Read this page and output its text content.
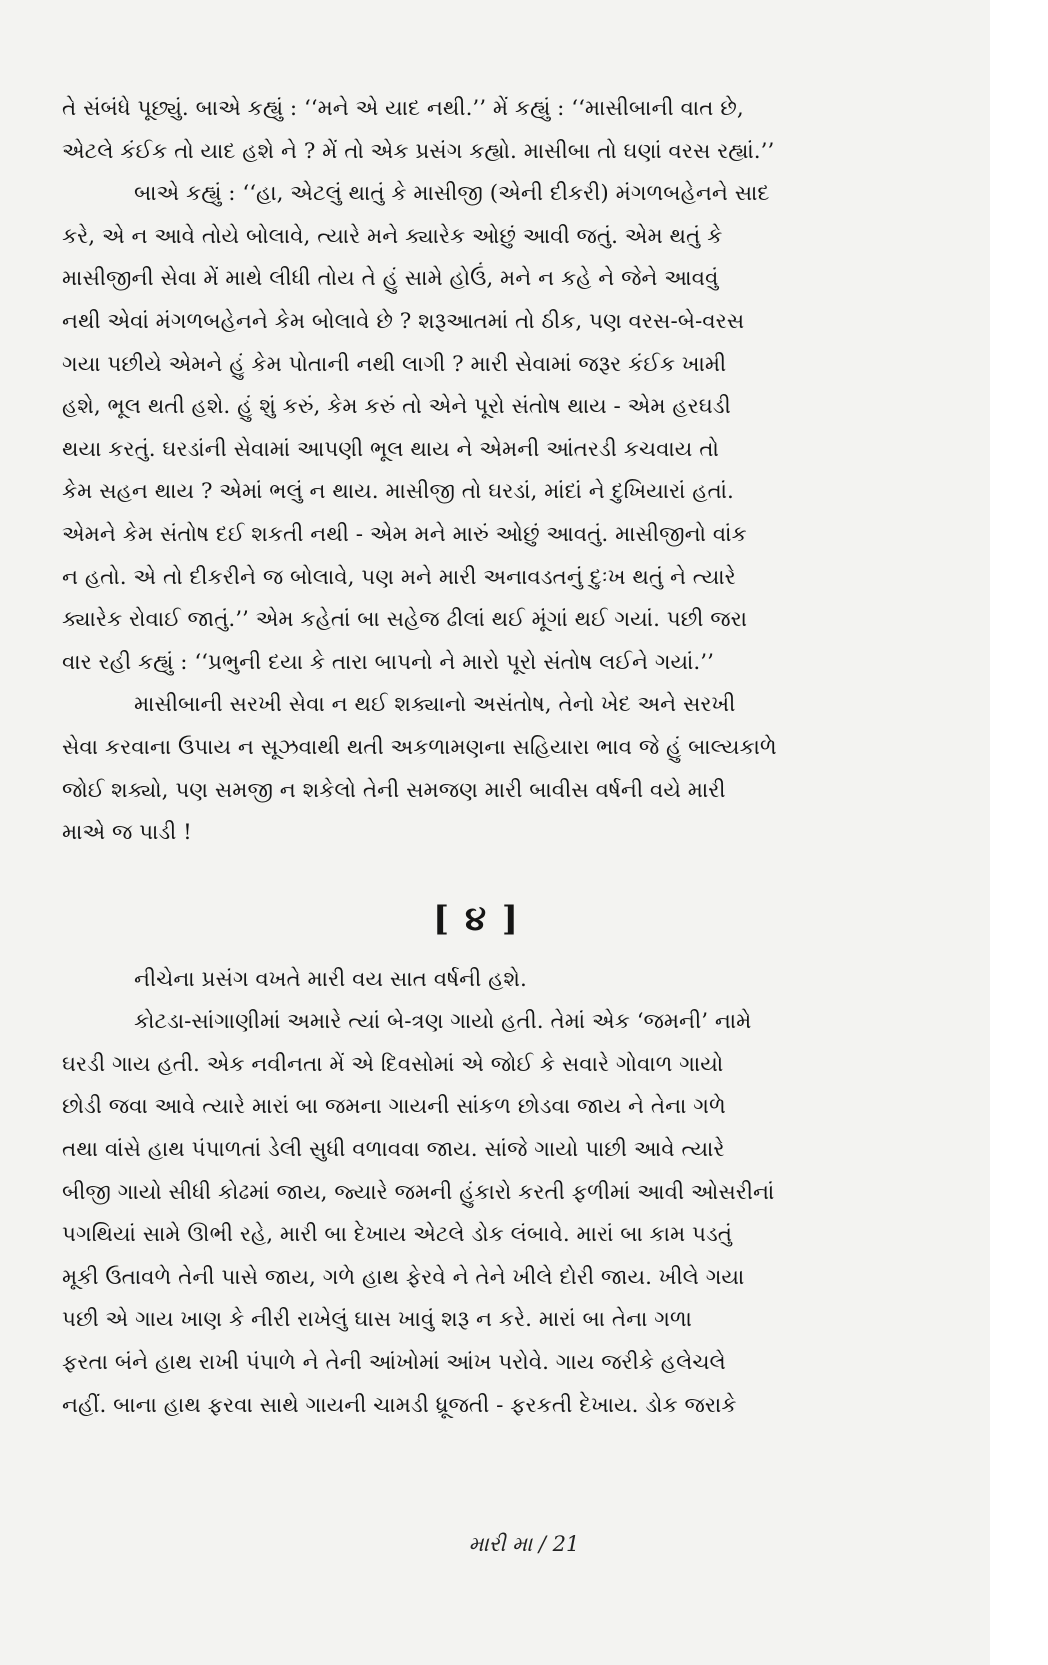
તે સંબંધે પૂછ્યું. બાએ કહ્યું : ‘‘મને એ યાદ નથી.’’ મેં કહ્યું : ‘‘માસીબાની વાત છે,
એટલે કંઈક તો યાદ હશે ને ? મેં તો એક પ્રસંગ કહ્યો. માસીબા તો ઘણાં વરસ રહ્યાં.’’
બાએ કહ્યું : ‘‘હા, એટલું થાતું કે માસીજી (એની દીકરી) મંગળબહેનને સાદ
કરે, એ ન આવે તોયે બોલાવે, ત્યારે મને ક્યારેક ઓછું આવી જતું. એમ થતું કે
માસીજીની સેવા મેં માથે લીધી તોય તે હું સામે હોઉં, મને ન કહે ને જેને આવવું
નથી એવાં મંગળબહેનને કેમ બોલાવે છે ? શરૂઆતમાં તો ઠીક, પણ વરસ-બે-વરસ
ગયા પછીયે એમને હું કેમ પોતાની નથી લાગી ? મારી સેવામાં જરૂર કંઈક ખામી
હશે, ભૂલ થતી હશે. હું શું કરું, કેમ કરું તો એને પૂરો સંતોષ થાય - એમ હરઘડી
થયા કરતું. ઘરડાંની સેવામાં આપણી ભૂલ થાય ને એમની આંતરડી કચવાય તો
કેમ સહન થાય ? એમાં ભલું ન થાય. માસીજી તો ઘરડાં, માંદાં ને દુખિયારાં હતાં.
એમને કેમ સંતોષ દઈ શકતી નથી - એમ મને મારું ઓછું આવતું. માસીજીનો વાંક
ન હતો. એ તો દીકરીને જ બોલાવે, પણ મને મારી અનાવડતનું દુઃખ થતું ને ત્યારે
ક્યારેક રોવાઈ જાતું.’’ એમ કહેતાં બા સહેજ ઢીલાં થઈ મૂંગાં થઈ ગયાં. પછી જરા
વાર રહી કહ્યું : ‘‘પ્રભુની દયા કે તારા બાપનો ને મારો પૂરો સંતોષ લઈને ગયાં.’’
માસીબાની સરખી સેવા ન થઈ શક્યાનો અસંતોષ, તેનો ખેદ અને સરખી
સેવા કરવાના ઉપાય ન સૂઝવાથી થતી અકળામણના સહિયારા ભાવ જે હું બાલ્યકાળે
જોઈ શક્યો, પણ સમજી ન શકેલો તેની સમજણ મારી બાવીસ વર્ષની વયે મારી
માએ જ પાડી !
[ ૪ ]
નીચેના પ્રસંગ વખતે મારી વય સાત વર્ષની હશે.
કોટડા-સાંગાણીમાં અમારે ત્યાં બે-ત્રણ ગાયો હતી. તેમાં એક ‘જમની’ નામે
ઘરડી ગાય હતી. એક નવીનતા મેં એ દિવસોમાં એ જોઈ કે સવારે ગોવાળ ગાયો
છોડી જવા આવે ત્યારે મારાં બા જમના ગાયની સાંકળ છોડવા જાય ને તેના ગળે
તથા વાંસે હાથ પંપાળતાં ડેલી સુધી વળાવવા જાય. સાંજે ગાયો પાછી આવે ત્યારે
બીજી ગાયો સીધી કોઢમાં જાય, જ્યારે જમની હુંકારો કરતી ફળીમાં આવી ઓસરીનાં
પગથિયાં સામે ઊભી રહે, મારી બા દેખાય એટલે ડોક લંબાવે. મારાં બા કામ પડતું
મૂકી ઉતાવળે તેની પાસે જાય, ગળે હાથ ફેરવે ને તેને ખીલે દોરી જાય. ખીલે ગયા
પછી એ ગાય ખાણ કે નીરી રાખેલું ઘાસ ખાવું શરૂ ન કરે. મારાં બા તેના ગળા
ફરતા બંને હાથ રાખી પંપાળે ને તેની આંખોમાં આંખ પરોવે. ગાય જરીકે હલેચલે
નહીં. બાના હાથ ફરવા સાથે ગાયની ચામડી ધ્રૂજતી - ફરકતી દેખાય. ડોક જરાકે
મારી મા / 21
